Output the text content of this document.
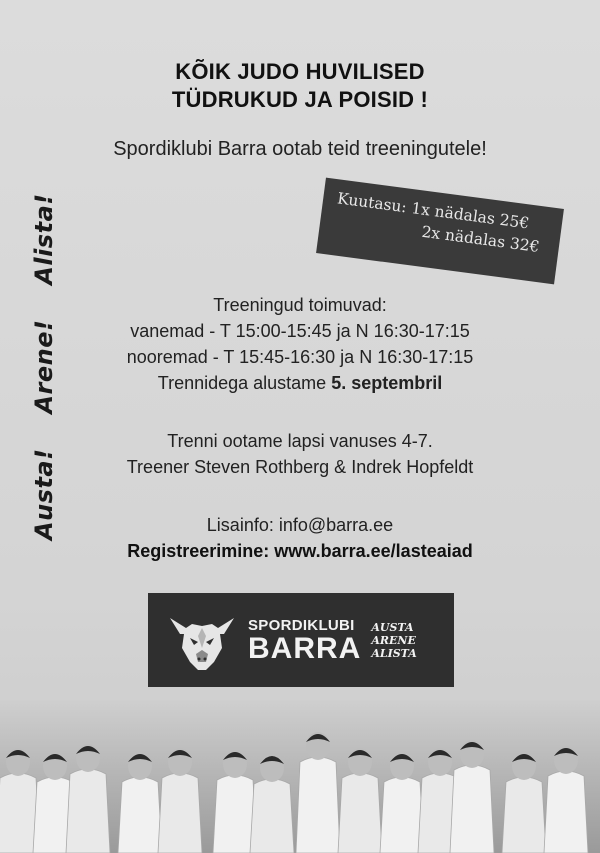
KÕIK JUDO HUVILISED
TÜDRUKUD JA POISID !
Spordiklubi Barra ootab teid treeningutele!
Austa! Arene! Alista!	Kuutasu: 1x nädalas 25€
2x nädalas 32€
Treeningud toimuvad:
vanemad - T 15:00-15:45 ja N 16:30-17:15
nooremad - T 15:45-16:30 ja N 16:30-17:15
Trennidega alustame 5. septembril
Trenni ootame lapsi vanuses 4-7.
Treener Steven Rothberg & Indrek Hopfeldt
Lisainfo: info@barra.ee
Registreerimine: www.barra.ee/lasteaiad
SPORDIKLUBI
BARRA
AUSTA
ARENE
ALISTA
